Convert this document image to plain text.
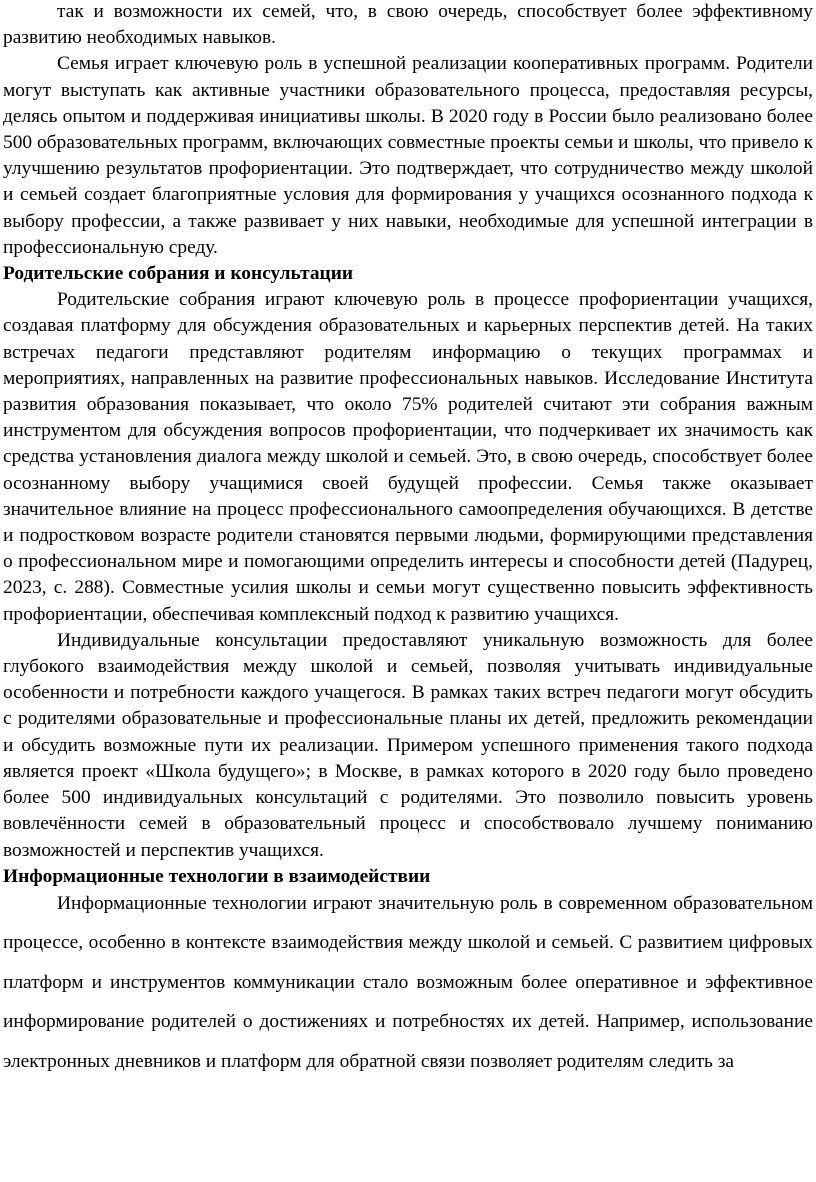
так и возможности их семей, что, в свою очередь, способствует более эффективному развитию необходимых навыков.

Семья играет ключевую роль в успешной реализации кооперативных программ. Родители могут выступать как активные участники образовательного процесса, предоставляя ресурсы, делясь опытом и поддерживая инициативы школы. В 2020 году в России было реализовано более 500 образовательных программ, включающих совместные проекты семьи и школы, что привело к улучшению результатов профориентации. Это подтверждает, что сотрудничество между школой и семьей создает благоприятные условия для формирования у учащихся осознанного подхода к выбору профессии, а также развивает у них навыки, необходимые для успешной интеграции в профессиональную среду.

Родительские собрания и консультации

Родительские собрания играют ключевую роль в процессе профориентации учащихся, создавая платформу для обсуждения образовательных и карьерных перспектив детей. На таких встречах педагоги представляют родителям информацию о текущих программах и мероприятиях, направленных на развитие профессиональных навыков. Исследование Института развития образования показывает, что около 75% родителей считают эти собрания важным инструментом для обсуждения вопросов профориентации, что подчеркивает их значимость как средства установления диалога между школой и семьей. Это, в свою очередь, способствует более осознанному выбору учащимися своей будущей профессии. Семья также оказывает значительное влияние на процесс профессионального самоопределения обучающихся. В детстве и подростковом возрасте родители становятся первыми людьми, формирующими представления о профессиональном мире и помогающими определить интересы и способности детей (Падурец, 2023, с. 288). Совместные усилия школы и семьи могут существенно повысить эффективность профориентации, обеспечивая комплексный подход к развитию учащихся.

Индивидуальные консультации предоставляют уникальную возможность для более глубокого взаимодействия между школой и семьей, позволяя учитывать индивидуальные особенности и потребности каждого учащегося. В рамках таких встреч педагоги могут обсудить с родителями образовательные и профессиональные планы их детей, предложить рекомендации и обсудить возможные пути их реализации. Примером успешного применения такого подхода является проект «Школа будущего»; в Москве, в рамках которого в 2020 году было проведено более 500 индивидуальных консультаций с родителями. Это позволило повысить уровень вовлечённости семей в образовательный процесс и способствовало лучшему пониманию возможностей и перспектив учащихся.

Информационные технологии в взаимодействии

Информационные технологии играют значительную роль в современном образовательном процессе, особенно в контексте взаимодействия между школой и семьей. С развитием цифровых платформ и инструментов коммуникации стало возможным более оперативное и эффективное информирование родителей о достижениях и потребностях их детей. Например, использование электронных дневников и платформ для обратной связи позволяет родителям следить за
